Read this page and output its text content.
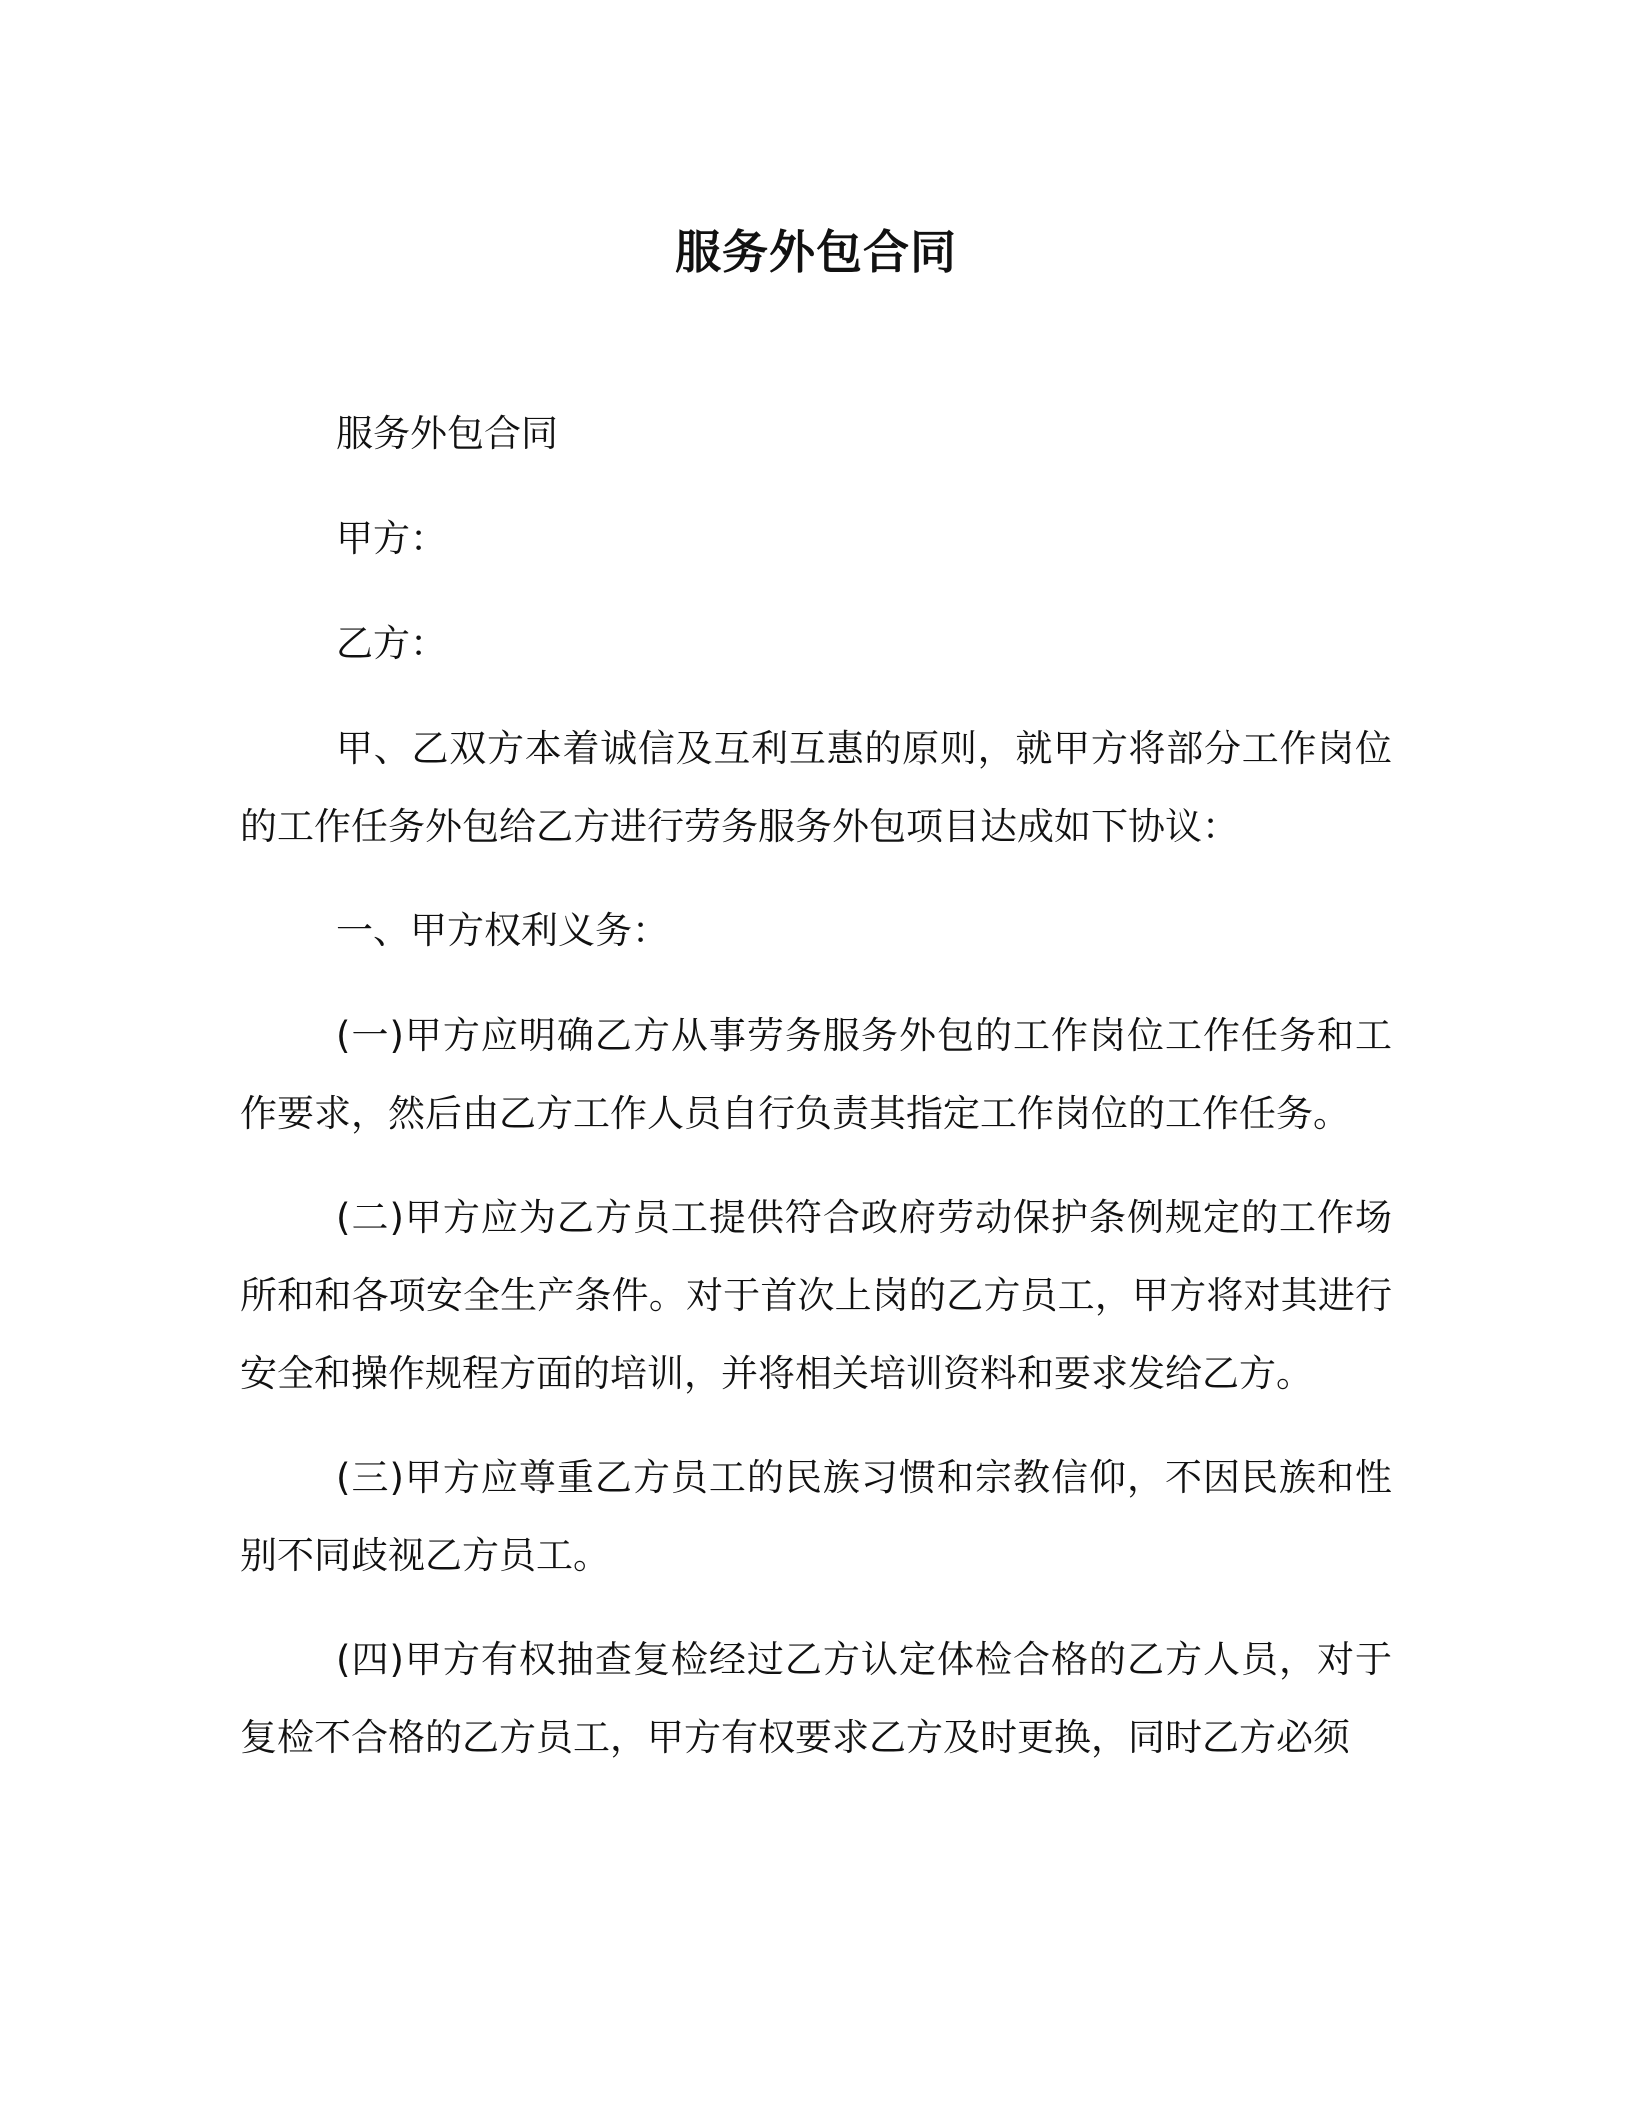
服务外包合同

服务外包合同

甲方：

乙方：

甲、乙双方本着诚信及互利互惠的原则，就甲方将部分工作岗位的工作任务外包给乙方进行劳务服务外包项目达成如下协议：

一、甲方权利义务：

(一)甲方应明确乙方从事劳务服务外包的工作岗位工作任务和工作要求，然后由乙方工作人员自行负责其指定工作岗位的工作任务。

(二)甲方应为乙方员工提供符合政府劳动保护条例规定的工作场所和和各项安全生产条件。对于首次上岗的乙方员工，甲方将对其进行安全和操作规程方面的培训，并将相关培训资料和要求发给乙方。

(三)甲方应尊重乙方员工的民族习惯和宗教信仰，不因民族和性别不同歧视乙方员工。

(四)甲方有权抽查复检经过乙方认定体检合格的乙方人员，对于复检不合格的乙方员工，甲方有权要求乙方及时更换，同时乙方必须
